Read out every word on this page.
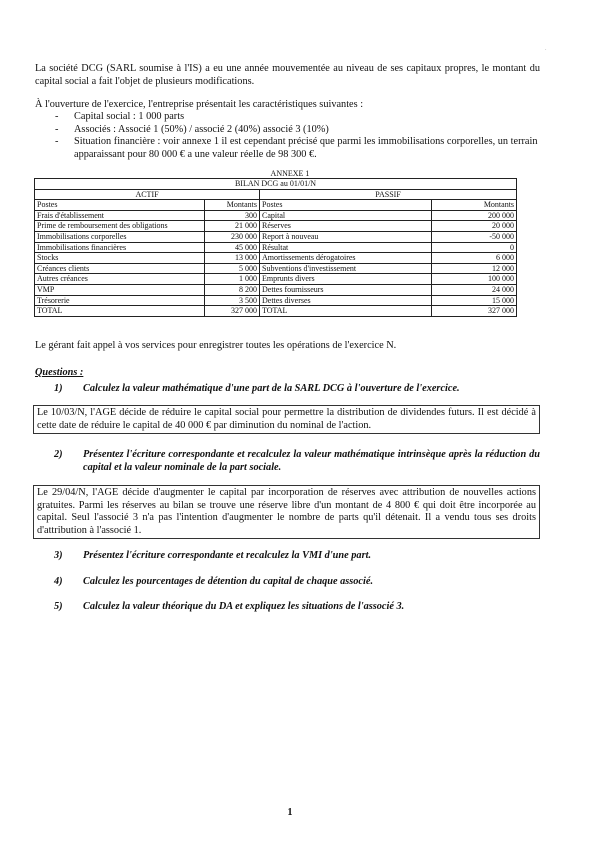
.

La société DCG (SARL soumise à l'IS) a eu une année mouvementée au niveau de ses capitaux propres, le montant du capital social a fait l'objet de plusieurs modifications.

À l'ouverture de l'exercice, l'entreprise présentait les caractéristiques suivantes :

- Capital social : 1 000 parts
- Associés : Associé 1 (50%) / associé 2 (40%) associé 3 (10%)
- Situation financière : voir annexe 1 il est cependant précisé que parmi les immobilisations corporelles, un terrain apparaissant pour 80 000 € a une valeur réelle de 98 300 €.
ANNEXE 1
BILAN DCG au 01/01/N			
ACTIF		PASSIF	
Postes	Montants	Postes	Montants
Frais d'établissement	300	Capital	200 000
Prime de remboursement des obligations	21 000	Réserves	20 000
Immobilisations corporelles	230 000	Report à nouveau	-50 000
Immobilisations financières	45 000	Résultat	0
Stocks	13 000	Amortissements dérogatoires	6 000
Créances clients	5 000	Subventions d'investissement	12 000
Autres créances	1 000	Emprunts divers	100 000
VMP	8 200	Dettes fournisseurs	24 000
Trésorerie	3 500	Dettes diverses	15 000
TOTAL	327 000	TOTAL	327 000

Le gérant fait appel à vos services pour enregistrer toutes les opérations de l'exercice N.

Questions :

1)	Calculez la valeur mathématique d'une part de la SARL DCG à l'ouverture de l'exercice.
Le 10/03/N, l'AGE décide de réduire le capital social pour permettre la distribution de dividendes futurs. Il est décidé à cette date de réduire le capital de 40 000 € par diminution du nominal de l'action.
2)	Présentez l'écriture correspondante et recalculez la valeur mathématique intrinsèque après la réduction du capital et la valeur nominale de la part sociale.
Le 29/04/N, l'AGE décide d'augmenter le capital par incorporation de réserves avec attribution de nouvelles actions gratuites. Parmi les réserves au bilan se trouve une réserve libre d'un montant de 4 800 € qui doit être incorporée au capital. Seul l'associé 3 n'a pas l'intention d'augmenter le nombre de parts qu'il détenait. Il a vendu tous ses droits d'attribution à l'associé 1.
3)	Présentez l'écriture correspondante et recalculez la VMI d'une part.
4)	Calculez les pourcentages de détention du capital de chaque associé.
5)	Calculez la valeur théorique du DA et expliquez les situations de l'associé 3.
1
